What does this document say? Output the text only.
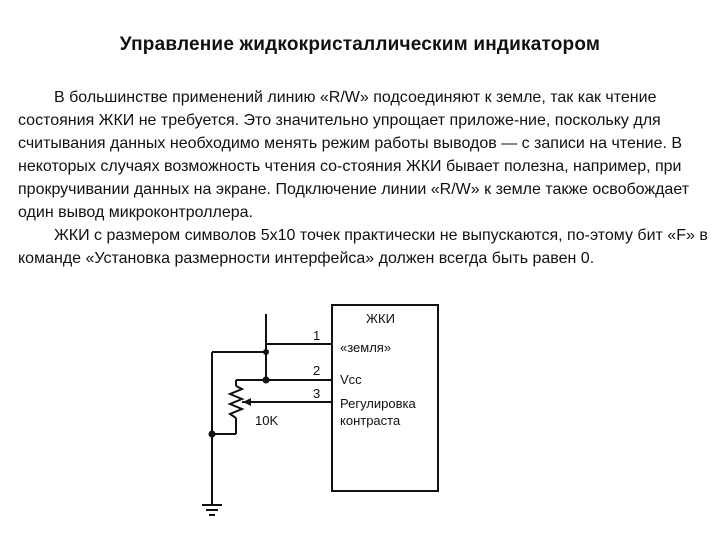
Управление жидкокристаллическим индикатором

В большинстве применений линию «R/W» подсоединяют к земле, так как чтение состояния ЖКИ не требуется. Это значительно упрощает приложе-ние, поскольку для считывания данных необходимо менять режим работы выводов — с записи на чтение. В некоторых случаях возможность чтения со-стояния ЖКИ бывает полезна, например, при прокручивании данных на экране. Подключение линии «R/W» к земле также освобождает один вывод микроконтроллера.

ЖКИ с размером символов 5х10 точек практически не выпускаются, по-этому бит «F» в команде «Установка размерности интерфейса» должен всегда быть равен 0.

ЖКИ
1
2
3
«земля»
Vcc
Регулировка
контраста
10K
